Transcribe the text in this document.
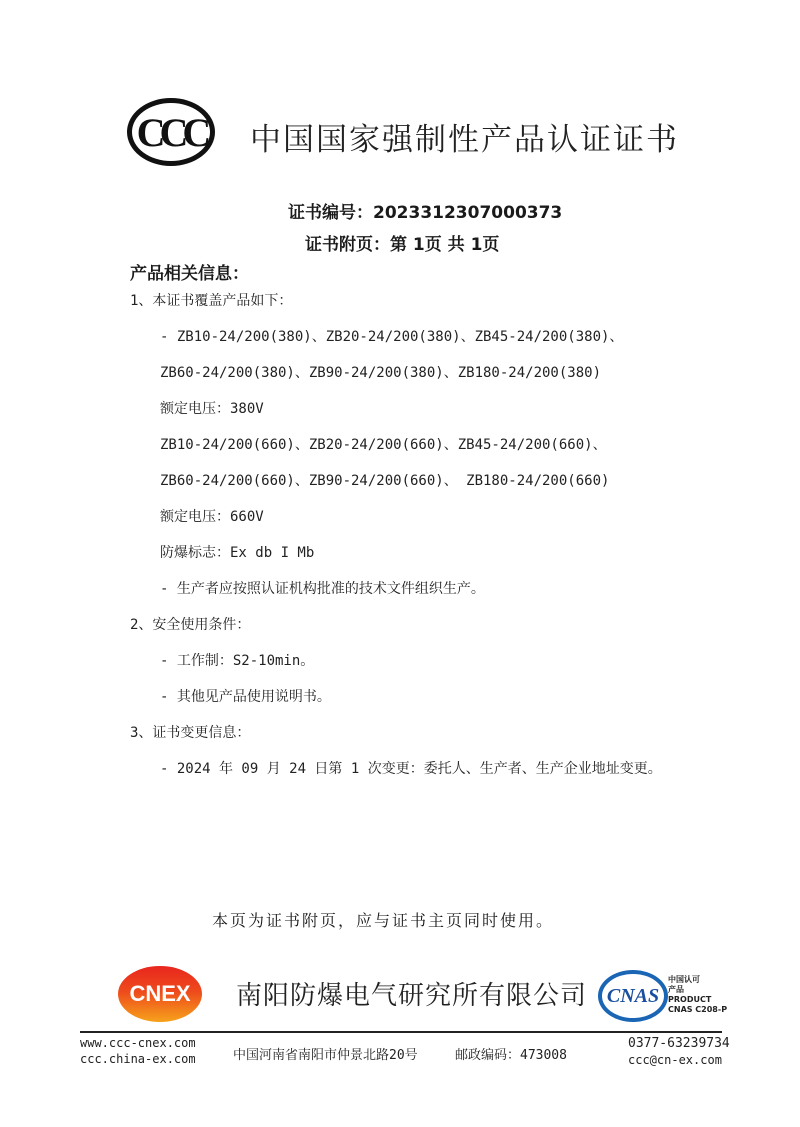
CCC 中国国家强制性产品认证证书
证书编号：2023312307000373
证书附页：第 1页 共 1页
产品相关信息：
1、本证书覆盖产品如下：
- ZB10-24/200(380)、ZB20-24/200(380)、ZB45-24/200(380)、
ZB60-24/200(380)、ZB90-24/200(380)、ZB180-24/200(380)
额定电压：380V
ZB10-24/200(660)、ZB20-24/200(660)、ZB45-24/200(660)、
ZB60-24/200(660)、ZB90-24/200(660)、 ZB180-24/200(660)
额定电压：660V
防爆标志：Ex db I Mb
- 生产者应按照认证机构批准的技术文件组织生产。
2、安全使用条件：
- 工作制：S2-10min。
- 其他见产品使用说明书。
3、证书变更信息：
- 2024 年 09 月 24 日第 1 次变更：委托人、生产者、生产企业地址变更。
本页为证书附页，应与证书主页同时使用。
CNEX 南阳防爆电气研究所有限公司 CNAS
中国认可
产品
PRODUCT
CNAS C208-P
www.ccc-cnex.com
ccc.china-ex.com	中国河南省南阳市仲景北路20号	邮政编码：473008
0377-63239734
ccc@cn-ex.com
